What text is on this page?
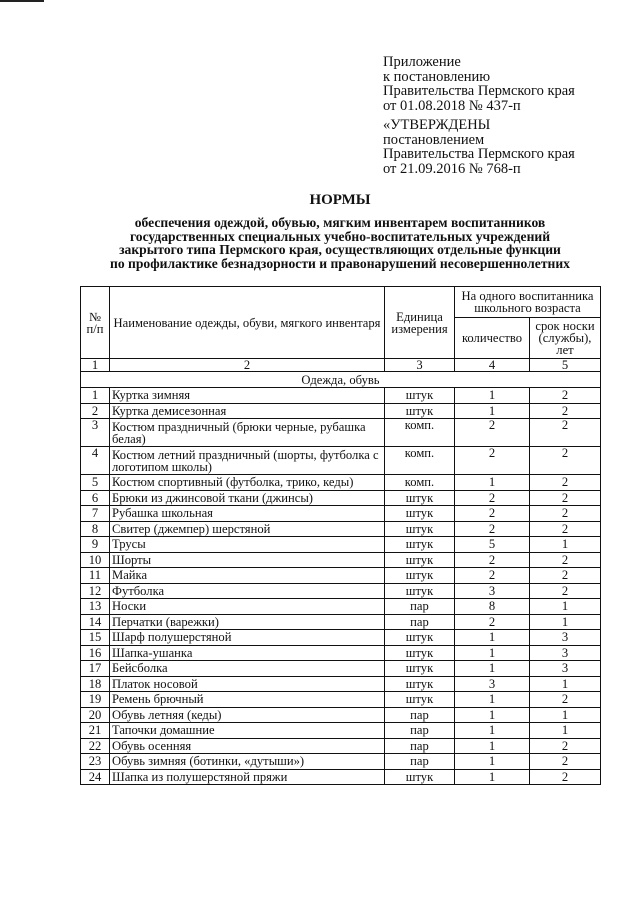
Приложение
к постановлению
Правительства Пермского края
от 01.08.2018 № 437-п
«УТВЕРЖДЕНЫ
постановлением
Правительства Пермского края
от 21.09.2016 № 768-п
НОРМЫ
обеспечения одеждой, обувью, мягким инвентарем воспитанников
государственных специальных учебно-воспитательных учреждений
закрытого типа Пермского края, осуществляющих отдельные функции
по профилактике безнадзорности и правонарушений несовершеннолетних
№ п/п	Наименование одежды, обуви, мягкого инвентаря	Единица измерения	На одного воспитанника школьного возраста	
			количество	срок носки (службы), лет
1	2	3	4	5
Одежда, обувь				
1	Куртка зимняя	штук	1	2
2	Куртка демисезонная	штук	1	2
3	Костюм праздничный (брюки черные, рубашка белая)	комп.	2	2
4	Костюм летний праздничный (шорты, футболка с логотипом школы)	комп.	2	2
5	Костюм спортивный (футболка, трико, кеды)	комп.	1	2
6	Брюки из джинсовой ткани (джинсы)	штук	2	2
7	Рубашка школьная	штук	2	2
8	Свитер (джемпер) шерстяной	штук	2	2
9	Трусы	штук	5	1
10	Шорты	штук	2	2
11	Майка	штук	2	2
12	Футболка	штук	3	2
13	Носки	пар	8	1
14	Перчатки (варежки)	пар	2	1
15	Шарф полушерстяной	штук	1	3
16	Шапка-ушанка	штук	1	3
17	Бейсболка	штук	1	3
18	Платок носовой	штук	3	1
19	Ремень брючный	штук	1	2
20	Обувь летняя (кеды)	пар	1	1
21	Тапочки домашние	пар	1	1
22	Обувь осенняя	пар	1	2
23	Обувь зимняя (ботинки, «дутыши»)	пар	1	2
24	Шапка из полушерстяной пряжи	штук	1	2
